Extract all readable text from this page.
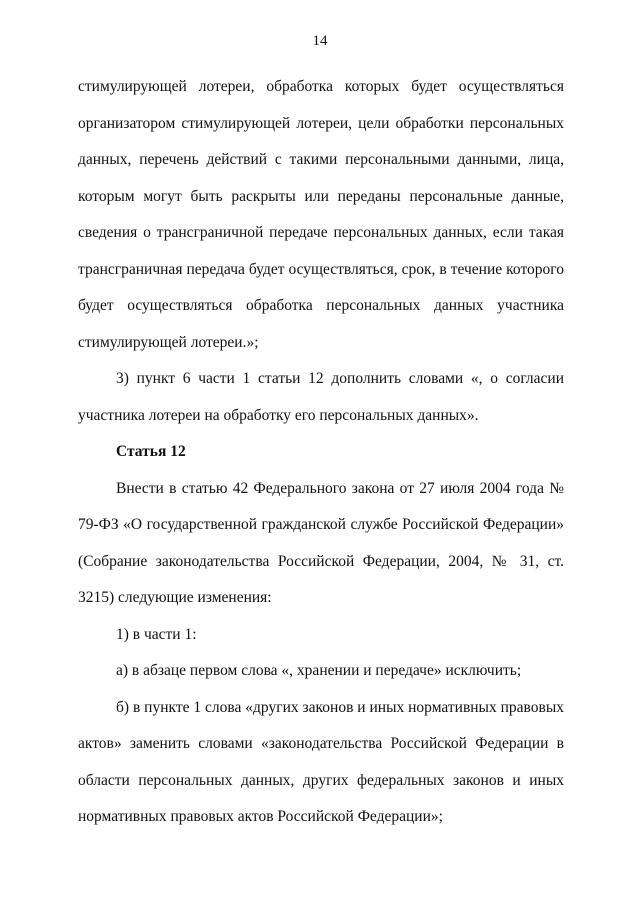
14

стимулирующей лотереи, обработка которых будет осуществляться организатором стимулирующей лотереи, цели обработки персональных данных, перечень действий с такими персональными данными, лица, которым могут быть раскрыты или переданы персональные данные, сведения о трансграничной передаче персональных данных, если такая трансграничная передача будет осуществляться, срок, в течение которого будет осуществляться обработка персональных данных участника стимулирующей лотереи.»;

3) пункт 6 части 1 статьи 12 дополнить словами «, о согласии участника лотереи на обработку его персональных данных».

Статья 12

Внести в статью 42 Федерального закона от 27 июля 2004 года № 79-ФЗ «О государственной гражданской службе Российской Федерации» (Собрание законодательства Российской Федерации, 2004, № 31, ст. 3215) следующие изменения:

1) в части 1:

а) в абзаце первом слова «, хранении и передаче» исключить;

б) в пункте 1 слова «других законов и иных нормативных правовых актов» заменить словами «законодательства Российской Федерации в области персональных данных, других федеральных законов и иных нормативных правовых актов Российской Федерации»;
